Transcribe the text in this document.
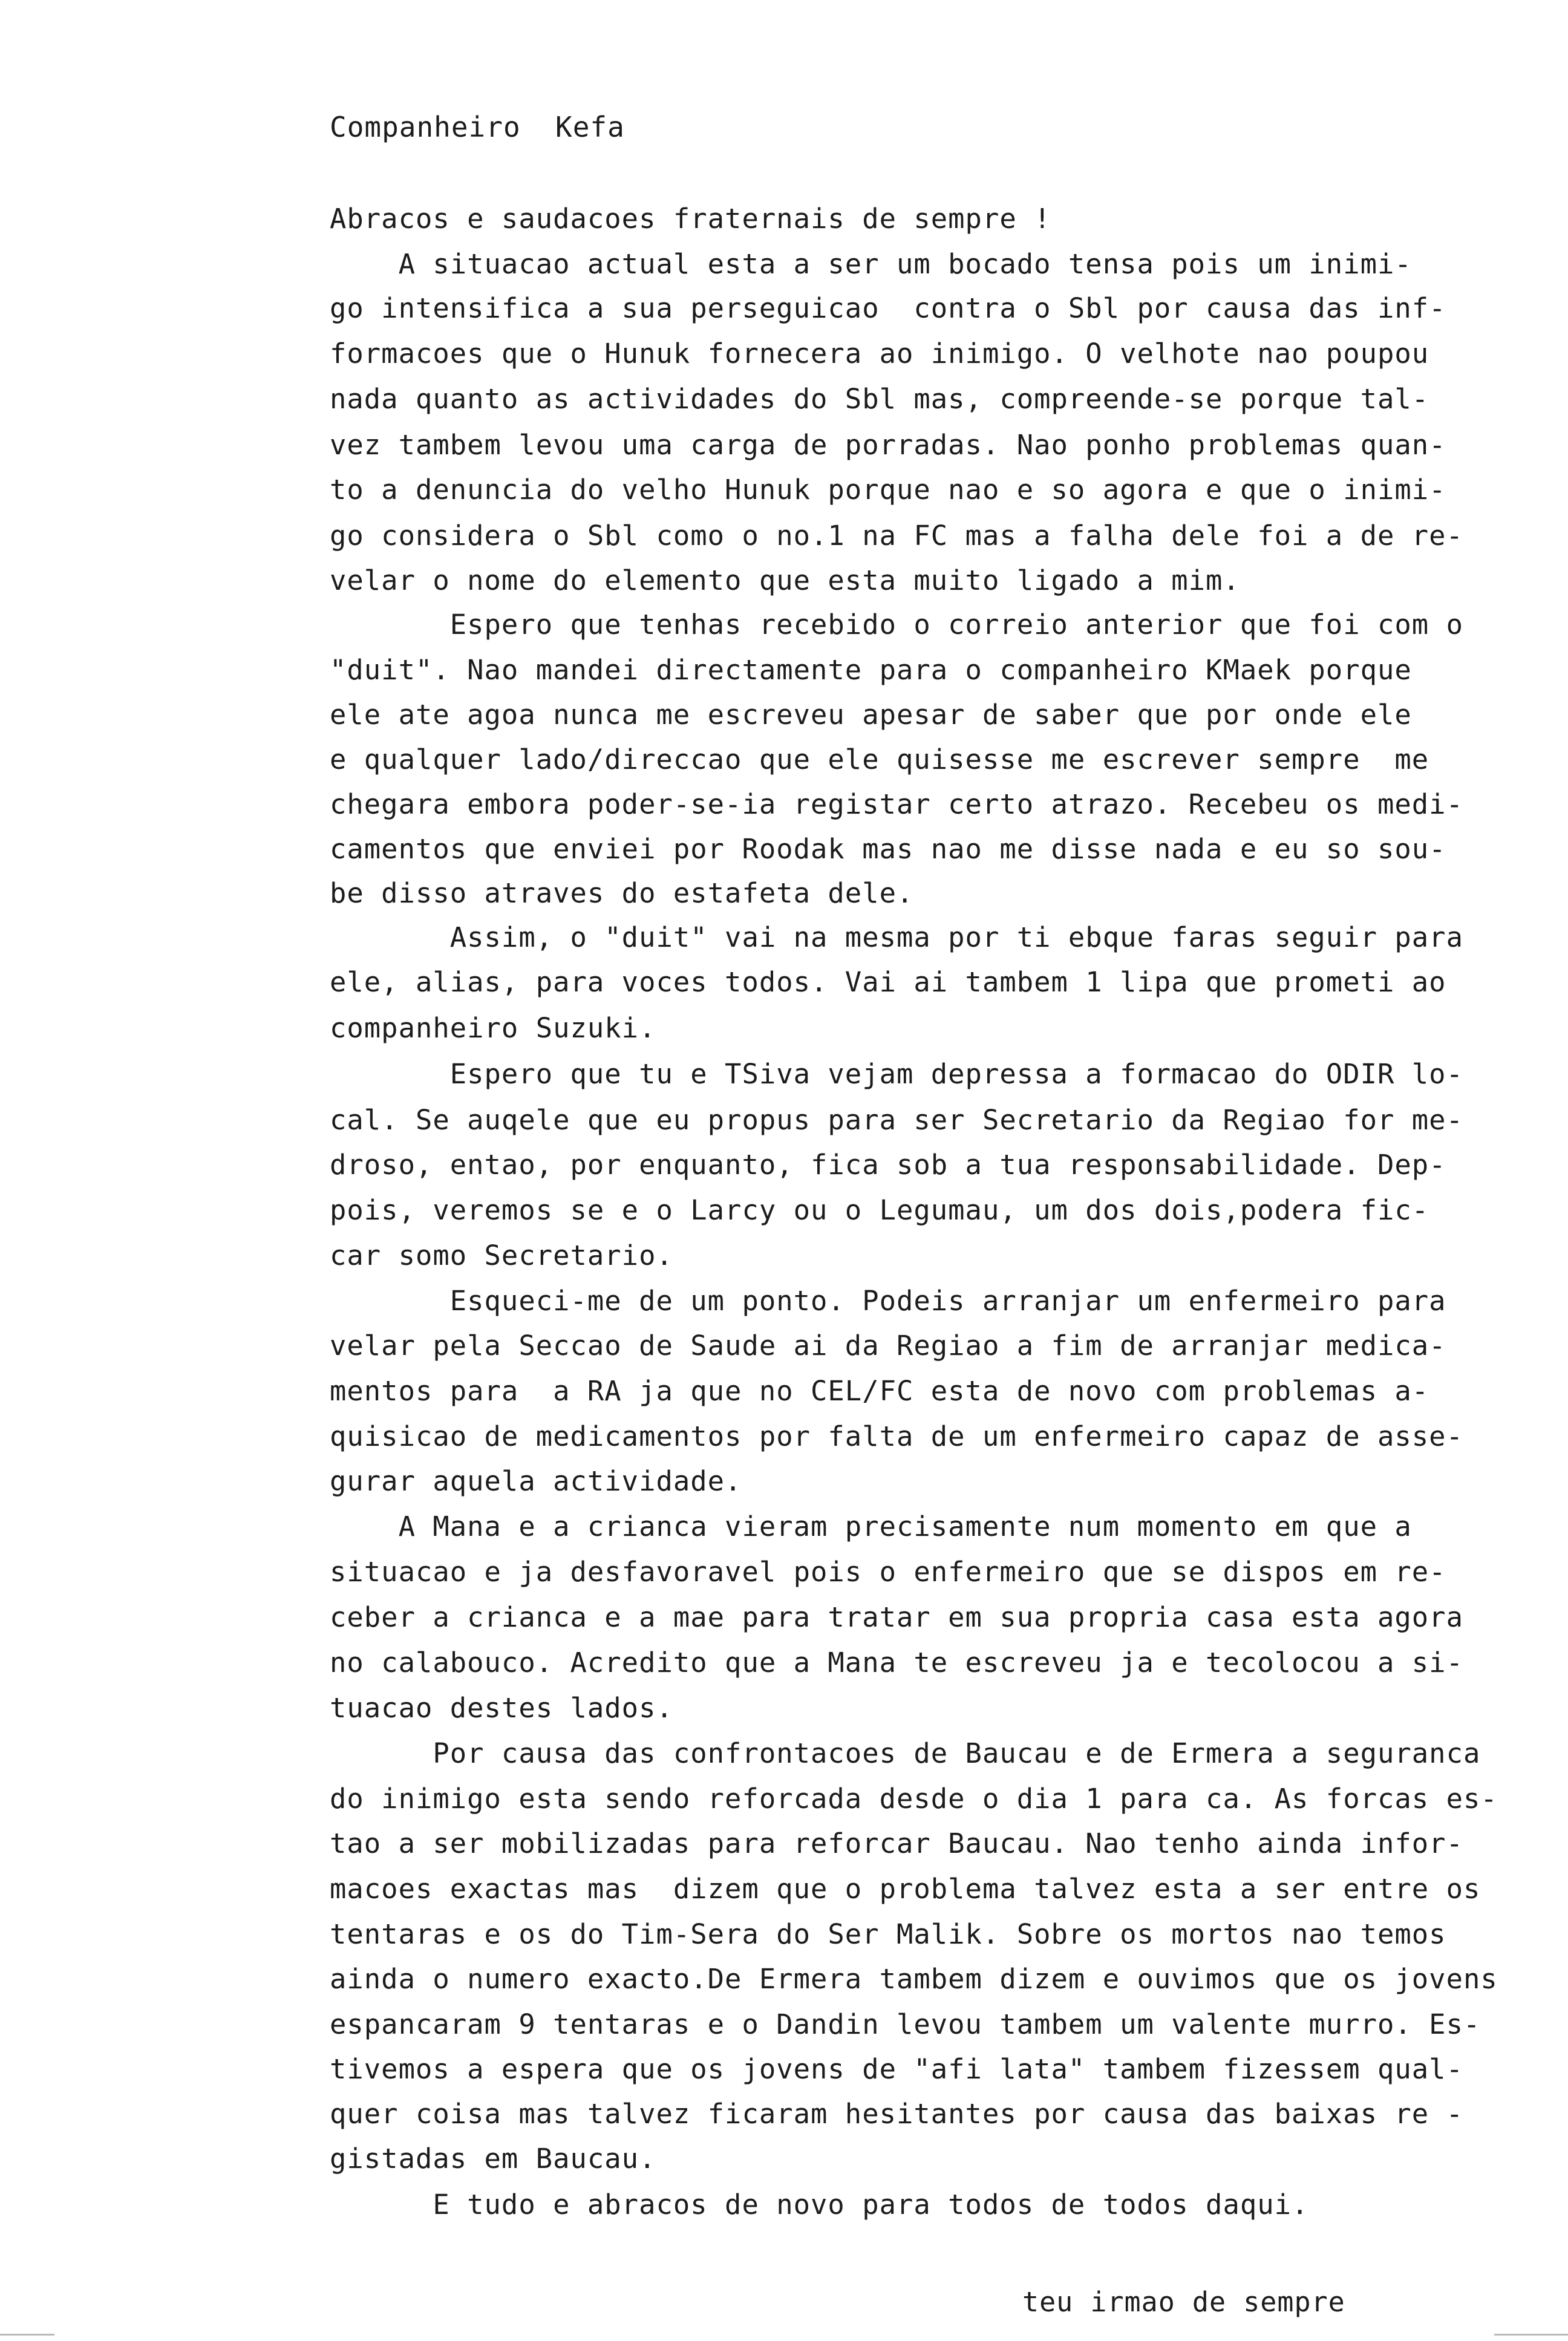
Companheiro  Kefa
Abracos e saudacoes fraternais de sempre !
A situacao actual esta a ser um bocado tensa pois um inimi-
go intensifica a sua perseguicao  contra o Sbl por causa das inf-
formacoes que o Hunuk fornecera ao inimigo. O velhote nao poupou
nada quanto as actividades do Sbl mas, compreende-se porque tal-
vez tambem levou uma carga de porradas. Nao ponho problemas quan-
to a denuncia do velho Hunuk porque nao e so agora e que o inimi-
go considera o Sbl como o no.1 na FC mas a falha dele foi a de re-
velar o nome do elemento que esta muito ligado a mim.
Espero que tenhas recebido o correio anterior que foi com o
"duit". Nao mandei directamente para o companheiro KMaek porque
ele ate agoa nunca me escreveu apesar de saber que por onde ele
e qualquer lado/direccao que ele quisesse me escrever sempre  me
chegara embora poder-se-ia registar certo atrazo. Recebeu os medi-
camentos que enviei por Roodak mas nao me disse nada e eu so sou-
be disso atraves do estafeta dele.
Assim, o "duit" vai na mesma por ti ebque faras seguir para
ele, alias, para voces todos. Vai ai tambem 1 lipa que prometi ao
companheiro Suzuki.
Espero que tu e TSiva vejam depressa a formacao do ODIR lo-
cal. Se auqele que eu propus para ser Secretario da Regiao for me-
droso, entao, por enquanto, fica sob a tua responsabilidade. Dep-
pois, veremos se e o Larcy ou o Legumau, um dos dois,podera fic-
car somo Secretario.
Esqueci-me de um ponto. Podeis arranjar um enfermeiro para
velar pela Seccao de Saude ai da Regiao a fim de arranjar medica-
mentos para  a RA ja que no CEL/FC esta de novo com problemas a-
quisicao de medicamentos por falta de um enfermeiro capaz de asse-
gurar aquela actividade.
A Mana e a crianca vieram precisamente num momento em que a
situacao e ja desfavoravel pois o enfermeiro que se dispos em re-
ceber a crianca e a mae para tratar em sua propria casa esta agora
no calabouco. Acredito que a Mana te escreveu ja e tecolocou a si-
tuacao destes lados.
Por causa das confrontacoes de Baucau e de Ermera a seguranca
do inimigo esta sendo reforcada desde o dia 1 para ca. As forcas es-
tao a ser mobilizadas para reforcar Baucau. Nao tenho ainda infor-
macoes exactas mas  dizem que o problema talvez esta a ser entre os
tentaras e os do Tim-Sera do Ser Malik. Sobre os mortos nao temos
ainda o numero exacto.De Ermera tambem dizem e ouvimos que os jovens
espancaram 9 tentaras e o Dandin levou tambem um valente murro. Es-
tivemos a espera que os jovens de "afi lata" tambem fizessem qual-
quer coisa mas talvez ficaram hesitantes por causa das baixas re -
gistadas em Baucau.
E tudo e abracos de novo para todos de todos daqui.
teu irmao de sempre
